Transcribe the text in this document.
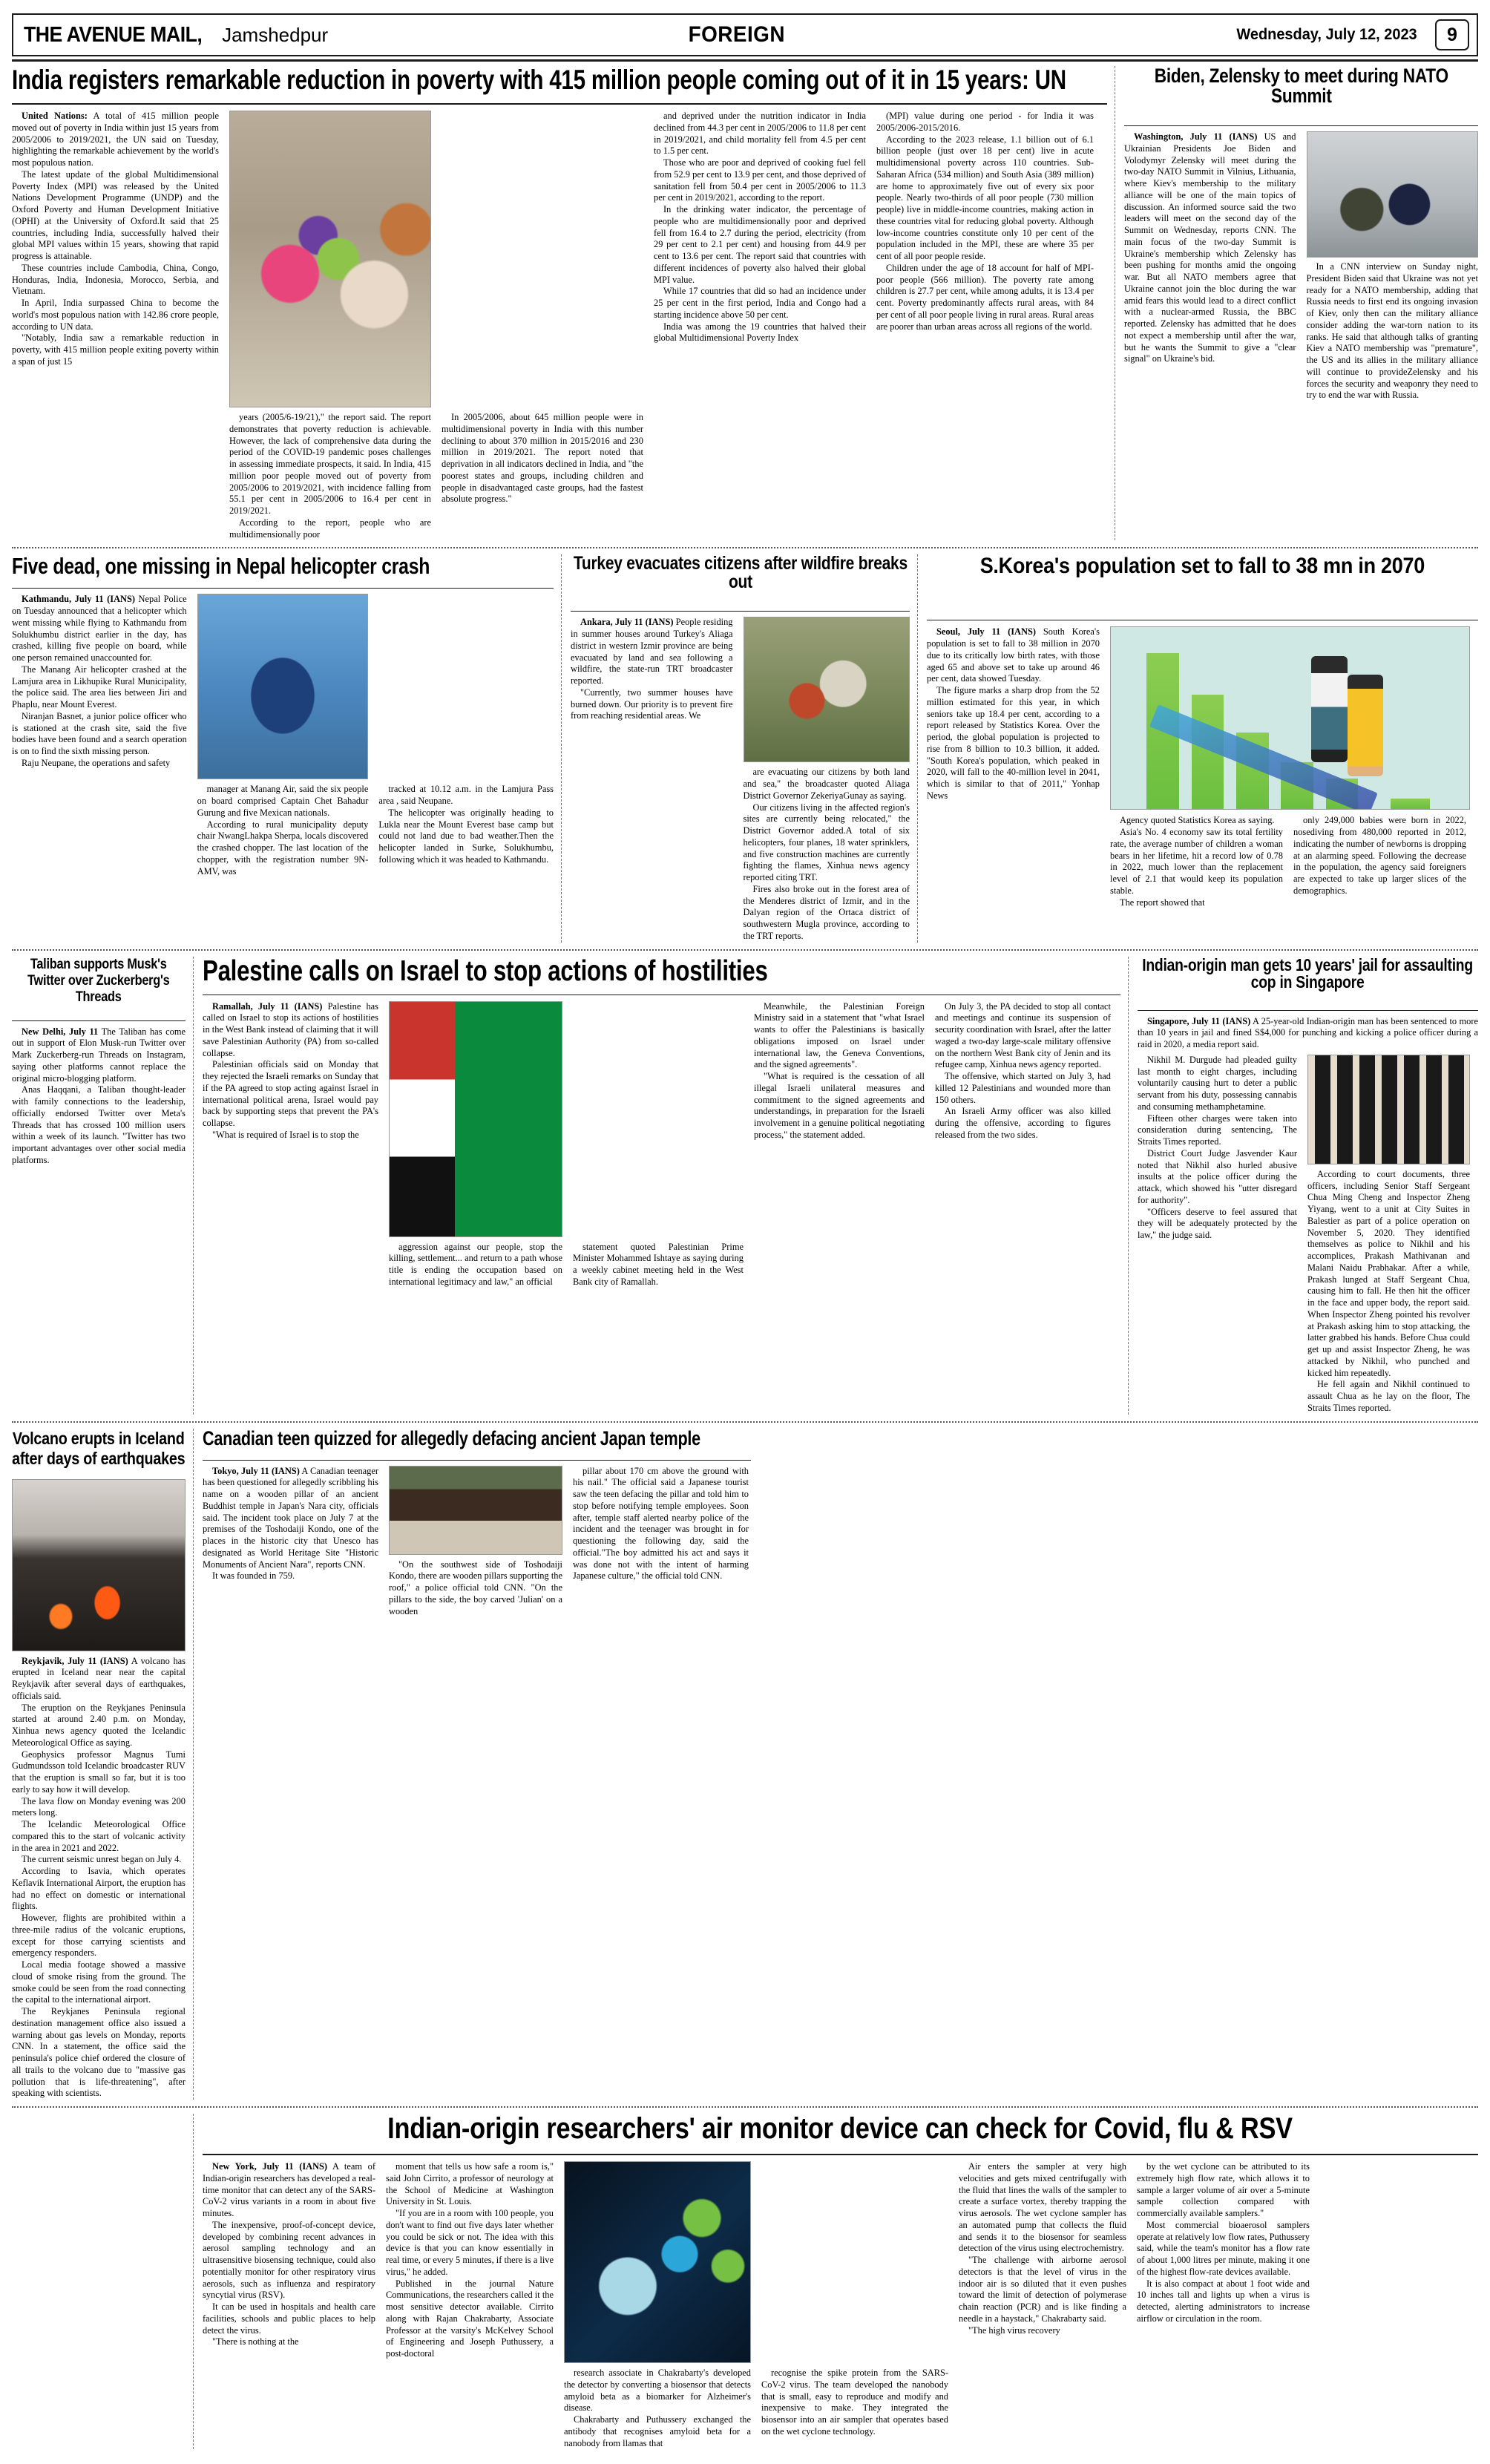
THE AVENUE MAIL, Jamshedpur	FOREIGN	Wednesday, July 12, 2023	9
India registers remarkable reduction in poverty with 415 million people coming out of it in 15 years: UN

United Nations: A total of 415 million people moved out of poverty in India within just 15 years from 2005/2006 to 2019/2021, the UN said on Tuesday, highlighting the remarkable achievement by the world's most populous nation.

The latest update of the global Multidimensional Poverty Index (MPI) was released by the United Nations Development Programme (UNDP) and the Oxford Poverty and Human Development Initiative (OPHI) at the University of Oxford.It said that 25 countries, including India, successfully halved their global MPI values within 15 years, showing that rapid progress is attainable.

These countries include Cambodia, China, Congo, Honduras, India, Indonesia, Morocco, Serbia, and Vietnam.

In April, India surpassed China to become the world's most populous nation with 142.86 crore people, according to UN data.

"Notably, India saw a remarkable reduction in poverty, with 415 million people exiting poverty within a span of just 15

years (2005/6-19/21)," the report said. The report demonstrates that poverty reduction is achievable. However, the lack of comprehensive data during the period of the COVID-19 pandemic poses challenges in assessing immediate prospects, it said. In India, 415 million poor people moved out of poverty from 2005/2006 to 2019/2021, with incidence falling from 55.1 per cent in 2005/2006 to 16.4 per cent in 2019/2021.

According to the report, people who are multidimensionally poor

In 2005/2006, about 645 million people were in multidimensional poverty in India with this number declining to about 370 million in 2015/2016 and 230 million in 2019/2021. The report noted that deprivation in all indicators declined in India, and "the poorest states and groups, including children and people in disadvantaged caste groups, had the fastest absolute progress."

and deprived under the nutrition indicator in India declined from 44.3 per cent in 2005/2006 to 11.8 per cent in 2019/2021, and child mortality fell from 4.5 per cent to 1.5 per cent.

Those who are poor and deprived of cooking fuel fell from 52.9 per cent to 13.9 per cent, and those deprived of sanitation fell from 50.4 per cent in 2005/2006 to 11.3 per cent in 2019/2021, according to the report.

In the drinking water indicator, the percentage of people who are multidimensionally poor and deprived fell from 16.4 to 2.7 during the period, electricity (from 29 per cent to 2.1 per cent) and housing from 44.9 per cent to 13.6 per cent. The report said that countries with different incidences of poverty also halved their global MPI value.

While 17 countries that did so had an incidence under 25 per cent in the first period, India and Congo had a starting incidence above 50 per cent.

India was among the 19 countries that halved their global Multidimensional Poverty Index

(MPI) value during one period - for India it was 2005/2006-2015/2016.

According to the 2023 release, 1.1 billion out of 6.1 billion people (just over 18 per cent) live in acute multidimensional poverty across 110 countries. Sub-Saharan Africa (534 million) and South Asia (389 million) are home to approximately five out of every six poor people. Nearly two-thirds of all poor people (730 million people) live in middle-income countries, making action in these countries vital for reducing global poverty. Although low-income countries constitute only 10 per cent of the population included in the MPI, these are where 35 per cent of all poor people reside.

Children under the age of 18 account for half of MPI-poor people (566 million). The poverty rate among children is 27.7 per cent, while among adults, it is 13.4 per cent. Poverty predominantly affects rural areas, with 84 per cent of all poor people living in rural areas. Rural areas are poorer than urban areas across all regions of the world.

Biden, Zelensky to meet during NATO Summit

Washington, July 11 (IANS) US and Ukrainian Presidents Joe Biden and Volodymyr Zelensky will meet during the two-day NATO Summit in Vilnius, Lithuania, where Kiev's membership to the military alliance will be one of the main topics of discussion. An informed source said the two leaders will meet on the second day of the Summit on Wednesday, reports CNN. The main focus of the two-day Summit is Ukraine's membership which Zelensky has been pushing for months amid the ongoing war. But all NATO members agree that Ukraine cannot join the bloc during the war amid fears this would lead to a direct conflict with a nuclear-armed Russia, the BBC reported. Zelensky has admitted that he does not expect a membership until after the war, but he wants the Summit to give a "clear signal" on Ukraine's bid.

In a CNN interview on Sunday night, President Biden said that Ukraine was not yet ready for a NATO membership, adding that Russia needs to first end its ongoing invasion of Kiev, only then can the military alliance consider adding the war-torn nation to its ranks. He said that although talks of granting Kiev a NATO membership was "premature", the US and its allies in the military alliance will continue to provideZelensky and his forces the security and weaponry they need to try to end the war with Russia.

Five dead, one missing in Nepal helicopter crash

Kathmandu, July 11 (IANS) Nepal Police on Tuesday announced that a helicopter which went missing while flying to Kathmandu from Solukhumbu district earlier in the day, has crashed, killing five people on board, while one person remained unaccounted for.

The Manang Air helicopter crashed at the Lamjura area in Likhupike Rural Municipality, the police said. The area lies between Jiri and Phaplu, near Mount Everest.

Niranjan Basnet, a junior police officer who is stationed at the crash site, said the five bodies have been found and a search operation is on to find the sixth missing person.

Raju Neupane, the operations and safety

manager at Manang Air, said the six people on board comprised Captain Chet Bahadur Gurung and five Mexican nationals.

According to rural municipality deputy chair NwangLhakpa Sherpa, locals discovered the crashed chopper. The last location of the chopper, with the registration number 9N-AMV, was

tracked at 10.12 a.m. in the Lamjura Pass area , said Neupane.

The helicopter was originally heading to Lukla near the Mount Everest base camp but could not land due to bad weather.Then the helicopter landed in Surke, Solukhumbu, following which it was headed to Kathmandu.

Turkey evacuates citizens after wildfire breaks out

Ankara, July 11 (IANS) People residing in summer houses around Turkey's Aliaga district in western Izmir province are being evacuated by land and sea following a wildfire, the state-run TRT broadcaster reported.

"Currently, two summer houses have burned down. Our priority is to prevent fire from reaching residential areas. We

are evacuating our citizens by both land and sea," the broadcaster quoted Aliaga District Governor ZekeriyaGunay as saying.

Our citizens living in the affected region's sites are currently being relocated," the District Governor added.A total of six helicopters, four planes, 18 water sprinklers, and five construction machines are currently fighting the flames, Xinhua news agency reported citing TRT.

Fires also broke out in the forest area of the Menderes district of Izmir, and in the Dalyan region of the Ortaca district of southwestern Mugla province, according to the TRT reports.

S.Korea's population set to fall to 38 mn in 2070

Seoul, July 11 (IANS) South Korea's population is set to fall to 38 million in 2070 due to its critically low birth rates, with those aged 65 and above set to take up around 46 per cent, data showed Tuesday.

The figure marks a sharp drop from the 52 million estimated for this year, in which seniors take up 18.4 per cent, according to a report released by Statistics Korea. Over the period, the global population is projected to rise from 8 billion to 10.3 billion, it added. "South Korea's population, which peaked in 2020, will fall to the 40-million level in 2041, which is similar to that of 2011," Yonhap News

Agency quoted Statistics Korea as saying.

Asia's No. 4 economy saw its total fertility rate, the average number of children a woman bears in her lifetime, hit a record low of 0.78 in 2022, much lower than the replacement level of 2.1 that would keep its population stable.

The report showed that

only 249,000 babies were born in 2022, nosediving from 480,000 reported in 2012, indicating the number of newborns is dropping at an alarming speed. Following the decrease in the population, the agency said foreigners are expected to take up larger slices of the demographics.

Taliban supports Musk's Twitter over Zuckerberg's Threads

New Delhi, July 11 The Taliban has come out in support of Elon Musk-run Twitter over Mark Zuckerberg-run Threads on Instagram, saying other platforms cannot replace the original micro-blogging platform.

Anas Haqqani, a Taliban thought-leader with family connections to the leadership, officially endorsed Twitter over Meta's Threads that has crossed 100 million users within a week of its launch. "Twitter has two important advantages over other social media platforms.

Palestine calls on Israel to stop actions of hostilities

Ramallah, July 11 (IANS) Palestine has called on Israel to stop its actions of hostilities in the West Bank instead of claiming that it will save Palestinian Authority (PA) from so-called collapse.

Palestinian officials said on Monday that they rejected the Israeli remarks on Sunday that if the PA agreed to stop acting against Israel in international political arena, Israel would pay back by supporting steps that prevent the PA's collapse.

"What is required of Israel is to stop the

aggression against our people, stop the killing, settlement... and return to a path whose title is ending the occupation based on international legitimacy and law," an official

statement quoted Palestinian Prime Minister Mohammed Ishtaye as saying during a weekly cabinet meeting held in the West Bank city of Ramallah.

Meanwhile, the Palestinian Foreign Ministry said in a statement that "what Israel wants to offer the Palestinians is basically obligations imposed on Israel under international law, the Geneva Conventions, and the signed agreements".

"What is required is the cessation of all illegal Israeli unilateral measures and commitment to the signed agreements and understandings, in preparation for the Israeli involvement in a genuine political negotiating process," the statement added.

On July 3, the PA decided to stop all contact and meetings and continue its suspension of security coordination with Israel, after the latter waged a two-day large-scale military offensive on the northern West Bank city of Jenin and its refugee camp, Xinhua news agency reported.

The offensive, which started on July 3, had killed 12 Palestinians and wounded more than 150 others.

An Israeli Army officer was also killed during the offensive, according to figures released from the two sides.

Indian-origin man gets 10 years' jail for assaulting cop in Singapore

Singapore, July 11 (IANS) A 25-year-old Indian-origin man has been sentenced to more than 10 years in jail and fined S$4,000 for punching and kicking a police officer during a raid in 2020, a media report said.

Nikhil M. Durgude had pleaded guilty last month to eight charges, including voluntarily causing hurt to deter a public servant from his duty, possessing cannabis and consuming methamphetamine.

Fifteen other charges were taken into consideration during sentencing, The Straits Times reported.

District Court Judge Jasvender Kaur noted that Nikhil also hurled abusive insults at the police officer during the attack, which showed his "utter disregard for authority".

"Officers deserve to feel assured that they will be adequately protected by the law," the judge said.

According to court documents, three officers, including Senior Staff Sergeant Chua Ming Cheng and Inspector Zheng Yiyang, went to a unit at City Suites in Balestier as part of a police operation on November 5, 2020. They identified themselves as police to Nikhil and his accomplices, Prakash Mathivanan and Malani Naidu Prabhakar. After a while, Prakash lunged at Staff Sergeant Chua, causing him to fall. He then hit the officer in the face and upper body, the report said. When Inspector Zheng pointed his revolver at Prakash asking him to stop attacking, the latter grabbed his hands. Before Chua could get up and assist Inspector Zheng, he was attacked by Nikhil, who punched and kicked him repeatedly.

He fell again and Nikhil continued to assault Chua as he lay on the floor, The Straits Times reported.

Volcano erupts in Iceland after days of earthquakes

Reykjavik, July 11 (IANS) A volcano has erupted in Iceland near near the capital Reykjavik after several days of earthquakes, officials said.

The eruption on the Reykjanes Peninsula started at around 2.40 p.m. on Monday, Xinhua news agency quoted the Icelandic Meteorological Office as saying.

Geophysics professor Magnus Tumi Gudmundsson told Icelandic broadcaster RUV that the eruption is small so far, but it is too early to say how it will develop.

The lava flow on Monday evening was 200 meters long.

The Icelandic Meteorological Office compared this to the start of volcanic activity in the area in 2021 and 2022.

The current seismic unrest began on July 4.

According to Isavia, which operates Keflavik International Airport, the eruption has had no effect on domestic or international flights.

However, flights are prohibited within a three-mile radius of the volcanic eruptions, except for those carrying scientists and emergency responders.

Local media footage showed a massive cloud of smoke rising from the ground. The smoke could be seen from the road connecting the capital to the international airport.

The Reykjanes Peninsula regional destination management office also issued a warning about gas levels on Monday, reports CNN. In a statement, the office said the peninsula's police chief ordered the closure of all trails to the volcano due to "massive gas pollution that is life-threatening", after speaking with scientists.

Canadian teen quizzed for allegedly defacing ancient Japan temple

Tokyo, July 11 (IANS) A Canadian teenager has been questioned for allegedly scribbling his name on a wooden pillar of an ancient Buddhist temple in Japan's Nara city, officials said. The incident took place on July 7 at the premises of the Toshodaiji Kondo, one of the places in the historic city that Unesco has designated as World Heritage Site "Historic Monuments of Ancient Nara", reports CNN.

It was founded in 759.

"On the southwest side of Toshodaiji Kondo, there are wooden pillars supporting the roof," a police official told CNN. "On the pillars to the side, the boy carved 'Julian' on a wooden

pillar about 170 cm above the ground with his nail." The official said a Japanese tourist saw the teen defacing the pillar and told him to stop before notifying temple employees. Soon after, temple staff alerted nearby police of the incident and the teenager was brought in for questioning the following day, said the official."The boy admitted his act and says it was done not with the intent of harming Japanese culture," the official told CNN.

Indian-origin researchers' air monitor device can check for Covid, flu & RSV

New York, July 11 (IANS) A team of Indian-origin researchers has developed a real-time monitor that can detect any of the SARS-CoV-2 virus variants in a room in about five minutes.

The inexpensive, proof-of-concept device, developed by combining recent advances in aerosol sampling technology and an ultrasensitive biosensing technique, could also potentially monitor for other respiratory virus aerosols, such as influenza and respiratory syncytial virus (RSV).

It can be used in hospitals and health care facilities, schools and public places to help detect the virus.

"There is nothing at the

moment that tells us how safe a room is," said John Cirrito, a professor of neurology at the School of Medicine at Washington University in St. Louis.

"If you are in a room with 100 people, you don't want to find out five days later whether you could be sick or not. The idea with this device is that you can know essentially in real time, or every 5 minutes, if there is a live virus," he added.

Published in the journal Nature Communications, the researchers called it the most sensitive detector available. Cirrito along with Rajan Chakrabarty, Associate Professor at the varsity's McKelvey School of Engineering and Joseph Puthussery, a post-doctoral

research associate in Chakrabarty's developed the detector by converting a biosensor that detects amyloid beta as a biomarker for Alzheimer's disease.

Chakrabarty and Puthussery exchanged the antibody that recognises amyloid beta for a nanobody from llamas that

recognise the spike protein from the SARS-CoV-2 virus. The team developed the nanobody that is small, easy to reproduce and modify and inexpensive to make. They integrated the biosensor into an air sampler that operates based on the wet cyclone technology.

Air enters the sampler at very high velocities and gets mixed centrifugally with the fluid that lines the walls of the sampler to create a surface vortex, thereby trapping the virus aerosols. The wet cyclone sampler has an automated pump that collects the fluid and sends it to the biosensor for seamless detection of the virus using electrochemistry.

"The challenge with airborne aerosol detectors is that the level of virus in the indoor air is so diluted that it even pushes toward the limit of detection of polymerase chain reaction (PCR) and is like finding a needle in a haystack," Chakrabarty said.

"The high virus recovery

by the wet cyclone can be attributed to its extremely high flow rate, which allows it to sample a larger volume of air over a 5-minute sample collection compared with commercially available samplers."

Most commercial bioaerosol samplers operate at relatively low flow rates, Puthussery said, while the team's monitor has a flow rate of about 1,000 litres per minute, making it one of the highest flow-rate devices available.

It is also compact at about 1 foot wide and 10 inches tall and lights up when a virus is detected, alerting administrators to increase airflow or circulation in the room.
